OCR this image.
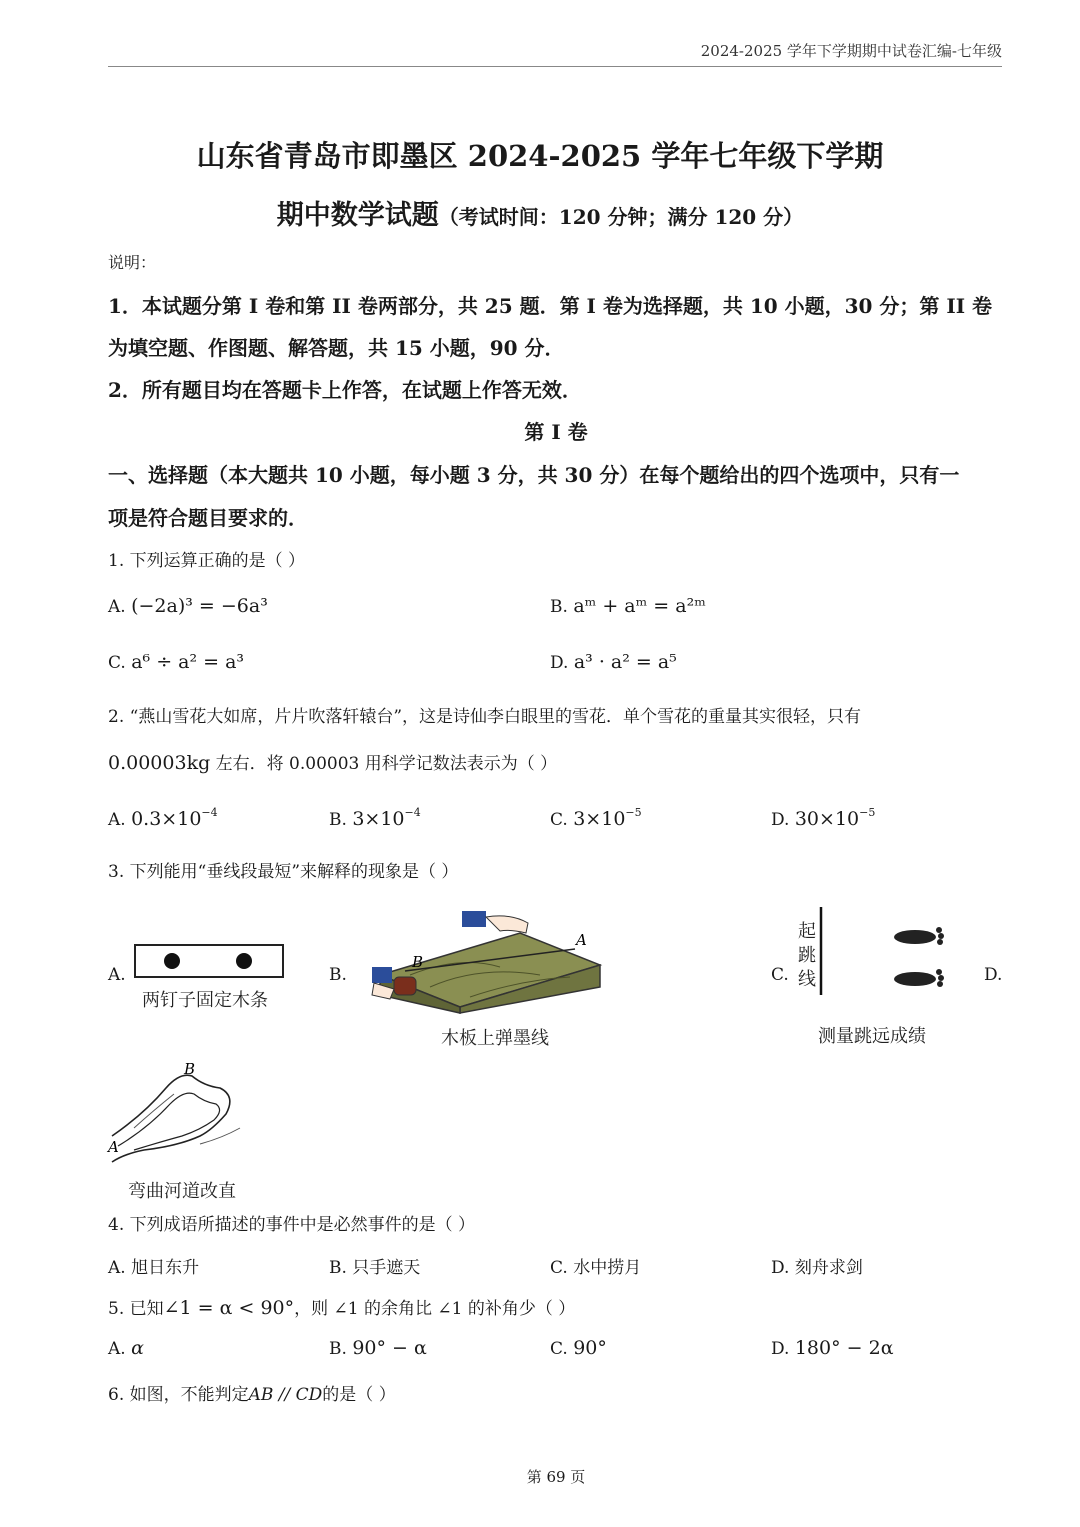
2024-2025 学年下学期期中试卷汇编-七年级
山东省青岛市即墨区 2024-2025 学年七年级下学期
期中数学试题（考试时间：120 分钟；满分 120 分）
说明：
1．本试题分第 I 卷和第 II 卷两部分，共 25 题．第 I 卷为选择题，共 10 小题，30 分；第 II 卷
为填空题、作图题、解答题，共 15 小题，90 分．
2．所有题目均在答题卡上作答，在试题上作答无效．
第 I 卷
一、选择题（本大题共 10 小题，每小题 3 分，共 30 分）在每个题给出的四个选项中，只有一
项是符合题目要求的．
1. 下列运算正确的是（ ）
A. (−2a)³ = −6a³	B. aᵐ + aᵐ = a²ᵐ
C. a⁶ ÷ a² = a³	D. a³ · a² = a⁵
2. “燕山雪花大如席，片片吹落轩辕台”，这是诗仙李白眼里的雪花．单个雪花的重量其实很轻，只有
0.00003kg 左右．将 0.00003 用科学记数法表示为（ ）
A. $0.3\times 10^{-4}$	B. $3\times 10^{-4}$	C. $3\times 10^{-5}$	D. $30\times 10^{-5}$
3. 下列能用“垂线段最短”来解释的现象是（ ）
A.	B.	C.	D.
两钉子固定木条
A
B
木板上弹墨线
起
跳
线
测量跳远成绩
B
A
弯曲河道改直
4. 下列成语所描述的事件中是必然事件的是（ ）
A. 旭日东升	B. 只手遮天	C. 水中捞月	D. 刻舟求剑
5. 已知∠1 = α < 90°，则 ∠1 的余角比 ∠1 的补角少（ ）
A. α	B. 90° − α	C. 90°	D. 180° − 2α
6. 如图，不能判定AB // CD的是（ ）
第 69 页
